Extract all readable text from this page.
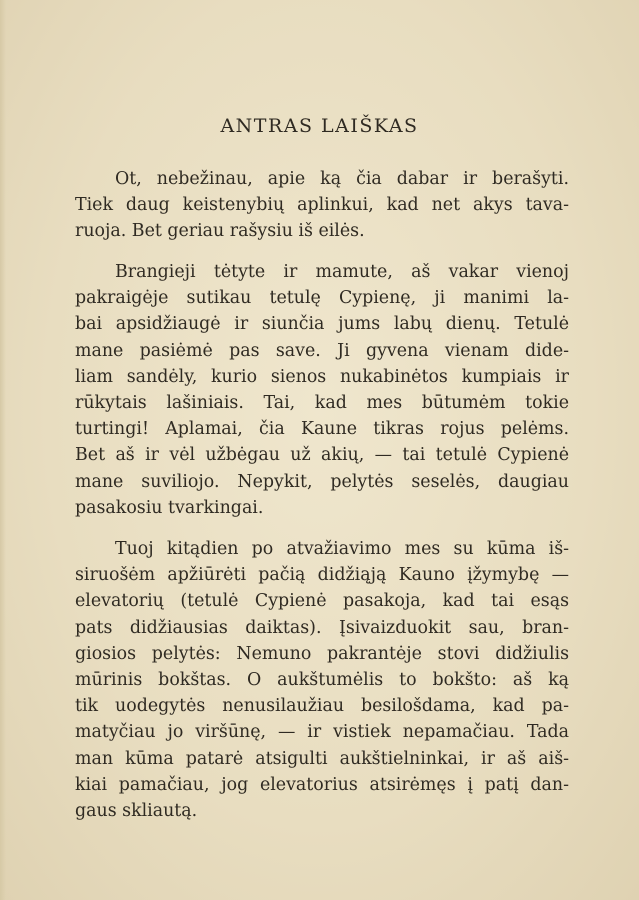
ANTRAS LAIŠKAS
Ot, nebežinau, apie ką čia dabar ir berašyti.
Tiek daug keistenybių aplinkui, kad net akys tava-
ruoja. Bet geriau rašysiu iš eilės.
Brangieji tėtyte ir mamute, aš vakar vienoj
pakraigėje sutikau tetulę Cypienę, ji manimi la-
bai apsidžiaugė ir siunčia jums labų dienų. Tetulė
mane pasiėmė pas save. Ji gyvena vienam dide-
liam sandėly, kurio sienos nukabinėtos kumpiais ir
rūkytais lašiniais. Tai, kad mes būtumėm tokie
turtingi! Aplamai, čia Kaune tikras rojus pelėms.
Bet aš ir vėl užbėgau už akių, — tai tetulė Cypienė
mane suviliojo. Nepykit, pelytės seselės, daugiau
pasakosiu tvarkingai.
Tuoj kitądien po atvažiavimo mes su kūma iš-
siruošėm apžiūrėti pačią didžiąją Kauno įžymybę —
elevatorių (tetulė Cypienė pasakoja, kad tai esąs
pats didžiausias daiktas). Įsivaizduokit sau, bran-
giosios pelytės: Nemuno pakrantėje stovi didžiulis
mūrinis bokštas. O aukštumėlis to bokšto: aš ką
tik uodegytės nenusilaužiau besilošdama, kad pa-
matyčiau jo viršūnę, — ir vistiek nepamačiau. Tada
man kūma patarė atsigulti aukštielninkai, ir aš aiš-
kiai pamačiau, jog elevatorius atsirėmęs į patį dan-
gaus skliautą.
